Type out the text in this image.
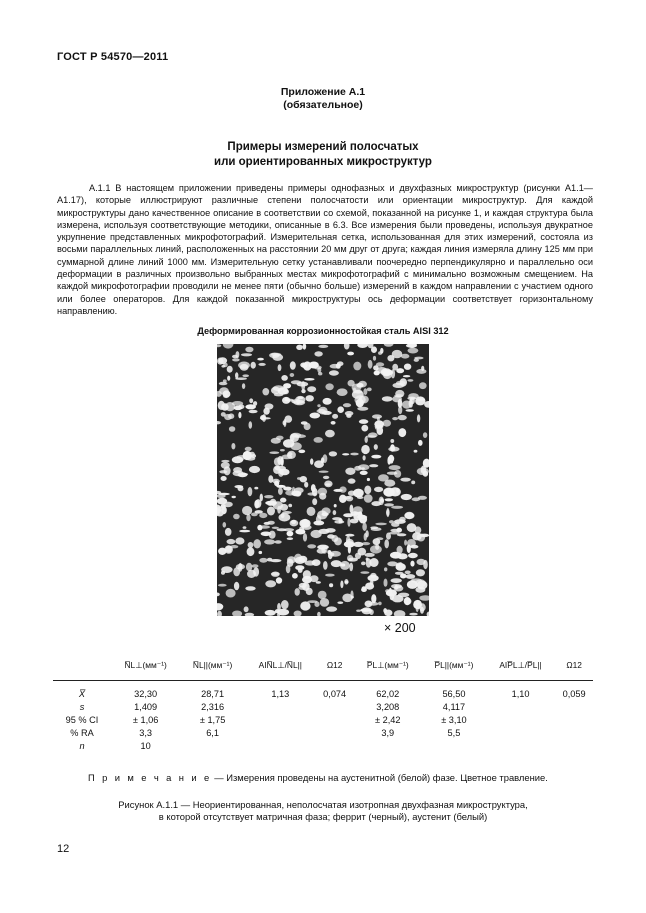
ГОСТ Р 54570—2011
Приложение А.1
(обязательное)
Примеры измерений полосчатых
или ориентированных микроструктур
А.1.1 В настоящем приложении приведены примеры однофазных и двухфазных микроструктур (рисунки А1.1—А1.17), которые иллюстрируют различные степени полосчатости или ориентации микроструктур. Для каждой микроструктуры дано качественное описание в соответствии со схемой, показанной на рисунке 1, и каждая структура была измерена, используя соответствующие методики, описанные в 6.3. Все измерения были проведены, используя двукратное укрупнение представленных микрофотографий. Измерительная сетка, использованная для этих измерений, состояла из восьми параллельных линий, расположенных на расстоянии 20 мм друг от друга; каждая линия измеряла длину 125 мм при суммарной длине линий 1000 мм. Измерительную сетку устанавливали поочередно перпендикулярно и параллельно оси деформации в различных произвольно выбранных местах микрофотографий с минимально возможным смещением. На каждой микрофотографии проводили не менее пяти (обычно больше) измерений в каждом направлении с участием одного или более операторов. Для каждой показанной микроструктуры ось деформации соответствует горизонтальному направлению.
Деформированная коррозионностойкая сталь AISI 312
× 200
	N̅L⊥(мм⁻¹)	N̅L||(мм⁻¹)	AIN̅L⊥/N̅L||	Ω12	P̅L⊥(мм⁻¹)	P̅L||(мм⁻¹)	AIP̅L⊥/P̅L||	Ω12
X̅	32,30	28,71	1,13	0,074	62,02	56,50	1,10	0,059
s	1,409	2,316			3,208	4,117		
95 % CI	± 1,06	± 1,75			± 2,42	± 3,10		
% RA	3,3	6,1			3,9	5,5		
n	10							
П р и м е ч а н и е — Измерения проведены на аустенитной (белой) фазе. Цветное травление.
Рисунок А.1.1 — Неориентированная, неполосчатая изотропная двухфазная микроструктура,
в которой отсутствует матричная фаза; феррит (черный), аустенит (белый)
12
